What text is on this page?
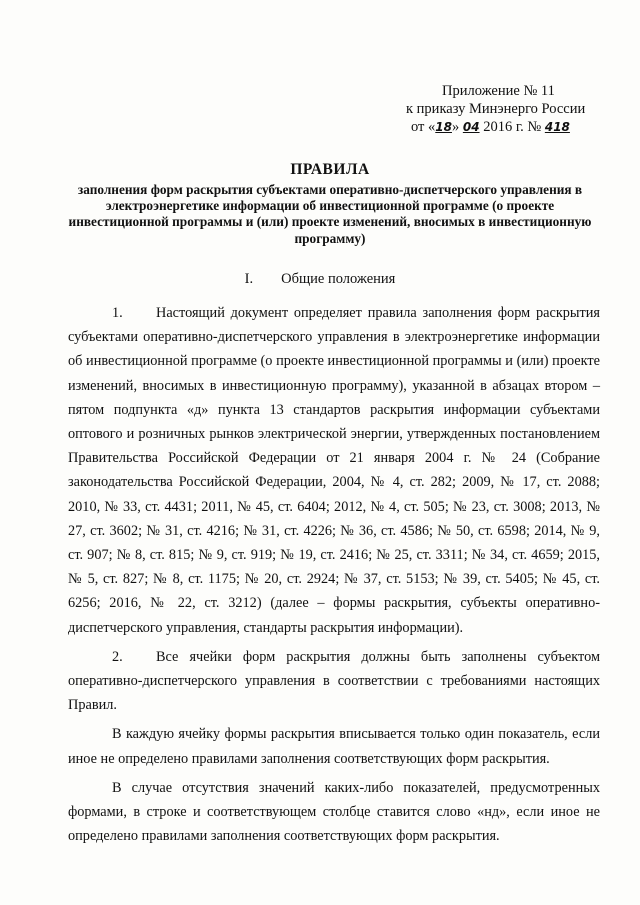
Приложение № 11
к приказу Минэнерго России
от «18» 04 2016 г. № 418
ПРАВИЛА
заполнения форм раскрытия субъектами оперативно-диспетчерского управления в электроэнергетике информации об инвестиционной программе (о проекте инвестиционной программы и (или) проекте изменений, вносимых в инвестиционную программу)
I. Общие положения

1. Настоящий документ определяет правила заполнения форм раскрытия субъектами оперативно-диспетчерского управления в электроэнергетике информации об инвестиционной программе (о проекте инвестиционной программы и (или) проекте изменений, вносимых в инвестиционную программу), указанной в абзацах втором – пятом подпункта «д» пункта 13 стандартов раскрытия информации субъектами оптового и розничных рынков электрической энергии, утвержденных постановлением Правительства Российской Федерации от 21 января 2004 г. № 24 (Собрание законодательства Российской Федерации, 2004, № 4, ст. 282; 2009, № 17, ст. 2088; 2010, № 33, ст. 4431; 2011, № 45, ст. 6404; 2012, № 4, ст. 505; № 23, ст. 3008; 2013, № 27, ст. 3602; № 31, ст. 4216; № 31, ст. 4226; № 36, ст. 4586; № 50, ст. 6598; 2014, № 9, ст. 907; № 8, ст. 815; № 9, ст. 919; № 19, ст. 2416; № 25, ст. 3311; № 34, ст. 4659; 2015, № 5, ст. 827; № 8, ст. 1175; № 20, ст. 2924; № 37, ст. 5153; № 39, ст. 5405; № 45, ст. 6256; 2016, № 22, ст. 3212) (далее – формы раскрытия, субъекты оперативно-диспетчерского управления, стандарты раскрытия информации).

2. Все ячейки форм раскрытия должны быть заполнены субъектом оперативно-диспетчерского управления в соответствии с требованиями настоящих Правил.

В каждую ячейку формы раскрытия вписывается только один показатель, если иное не определено правилами заполнения соответствующих форм раскрытия.

В случае отсутствия значений каких-либо показателей, предусмотренных формами, в строке и соответствующем столбце ставится слово «нд», если иное не определено правилами заполнения соответствующих форм раскрытия.
